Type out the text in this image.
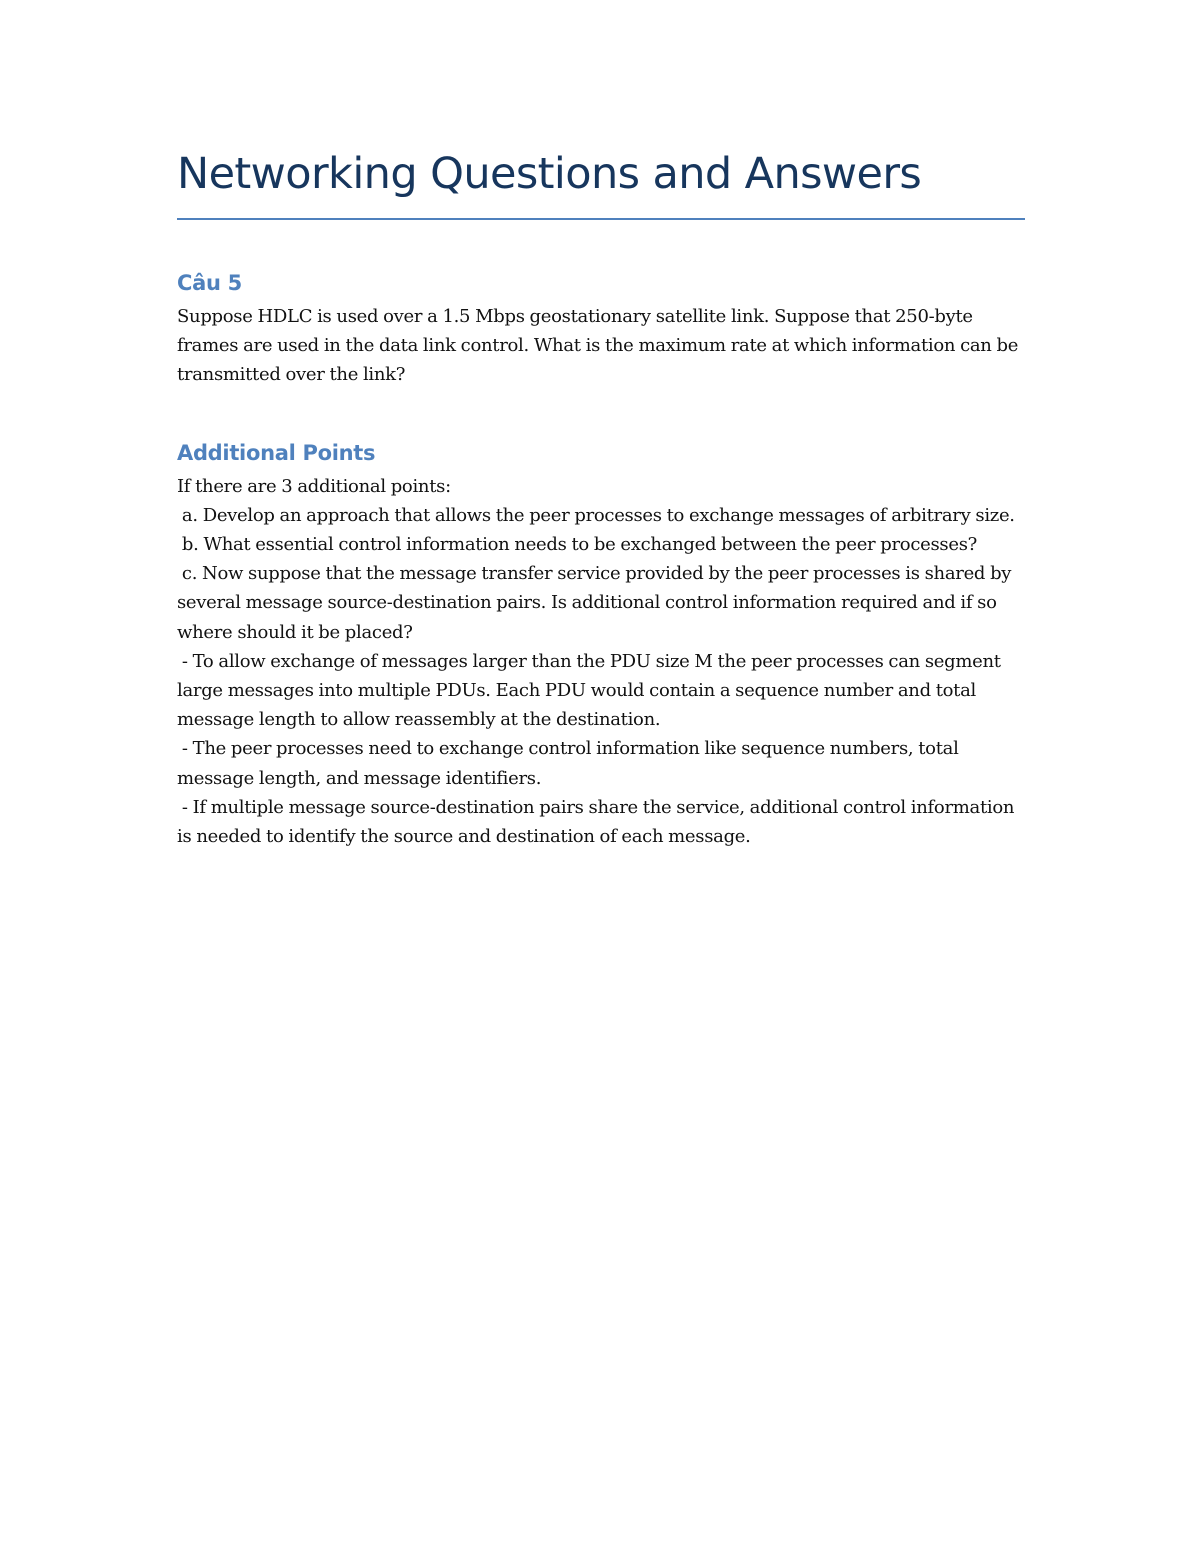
Networking Questions and Answers
Câu 5

Suppose HDLC is used over a 1.5 Mbps geostationary satellite link. Suppose that 250-byte frames are used in the data link control. What is the maximum rate at which information can be transmitted over the link?

Additional Points

If there are 3 additional points:

a. Develop an approach that allows the peer processes to exchange messages of arbitrary size.

b. What essential control information needs to be exchanged between the peer processes?

c. Now suppose that the message transfer service provided by the peer processes is shared by several message source-destination pairs. Is additional control information required and if so where should it be placed?

- To allow exchange of messages larger than the PDU size M the peer processes can segment large messages into multiple PDUs. Each PDU would contain a sequence number and total message length to allow reassembly at the destination.

- The peer processes need to exchange control information like sequence numbers, total message length, and message identifiers.

- If multiple message source-destination pairs share the service, additional control information is needed to identify the source and destination of each message.
